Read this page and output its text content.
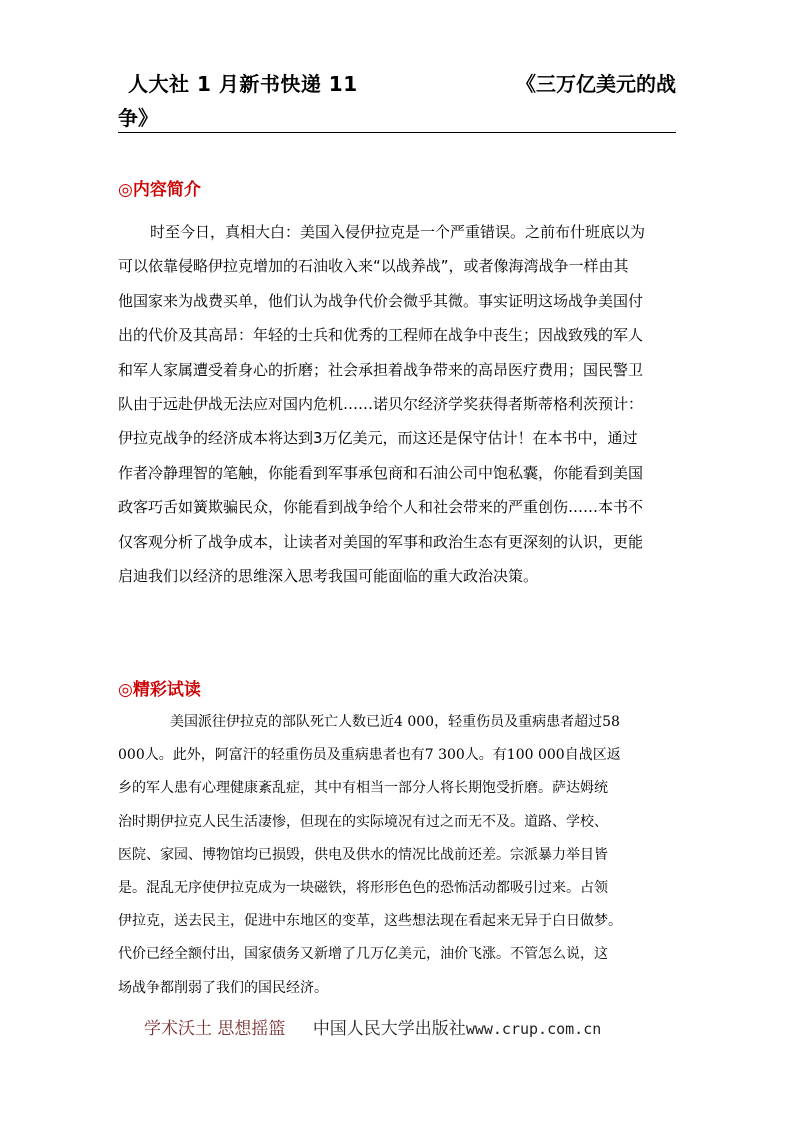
人大社 1 月新书快递 11	《三万亿美元的战
争》
◎内容简介
时至今日，真相大白：美国入侵伊拉克是一个严重错误。之前布什班底以为
可以依靠侵略伊拉克增加的石油收入来“以战养战”，或者像海湾战争一样由其
他国家来为战费买单，他们认为战争代价会微乎其微。事实证明这场战争美国付
出的代价及其高昂：年轻的士兵和优秀的工程师在战争中丧生；因战致残的军人
和军人家属遭受着身心的折磨；社会承担着战争带来的高昂医疗费用；国民警卫
队由于远赴伊战无法应对国内危机……诺贝尔经济学奖获得者斯蒂格利茨预计：
伊拉克战争的经济成本将达到3万亿美元，而这还是保守估计！在本书中，通过
作者冷静理智的笔触，你能看到军事承包商和石油公司中饱私囊，你能看到美国
政客巧舌如簧欺骗民众，你能看到战争给个人和社会带来的严重创伤……本书不
仅客观分析了战争成本，让读者对美国的军事和政治生态有更深刻的认识，更能
启迪我们以经济的思维深入思考我国可能面临的重大政治决策。
◎精彩试读
美国派往伊拉克的部队死亡人数已近4 000，轻重伤员及重病患者超过58
000人。此外，阿富汗的轻重伤员及重病患者也有7 300人。有100 000自战区返
乡的军人患有心理健康紊乱症，其中有相当一部分人将长期饱受折磨。萨达姆统
治时期伊拉克人民生活凄惨，但现在的实际境况有过之而无不及。道路、学校、
医院、家园、博物馆均已损毁，供电及供水的情况比战前还差。宗派暴力举目皆
是。混乱无序使伊拉克成为一块磁铁，将形形色色的恐怖活动都吸引过来。占领
伊拉克，送去民主，促进中东地区的变革，这些想法现在看起来无异于白日做梦。
代价已经全额付出，国家债务又新增了几万亿美元，油价飞涨。不管怎么说，这
场战争都削弱了我们的国民经济。
学术沃土 思想摇篮 中国人民大学出版社www.crup.com.cn
